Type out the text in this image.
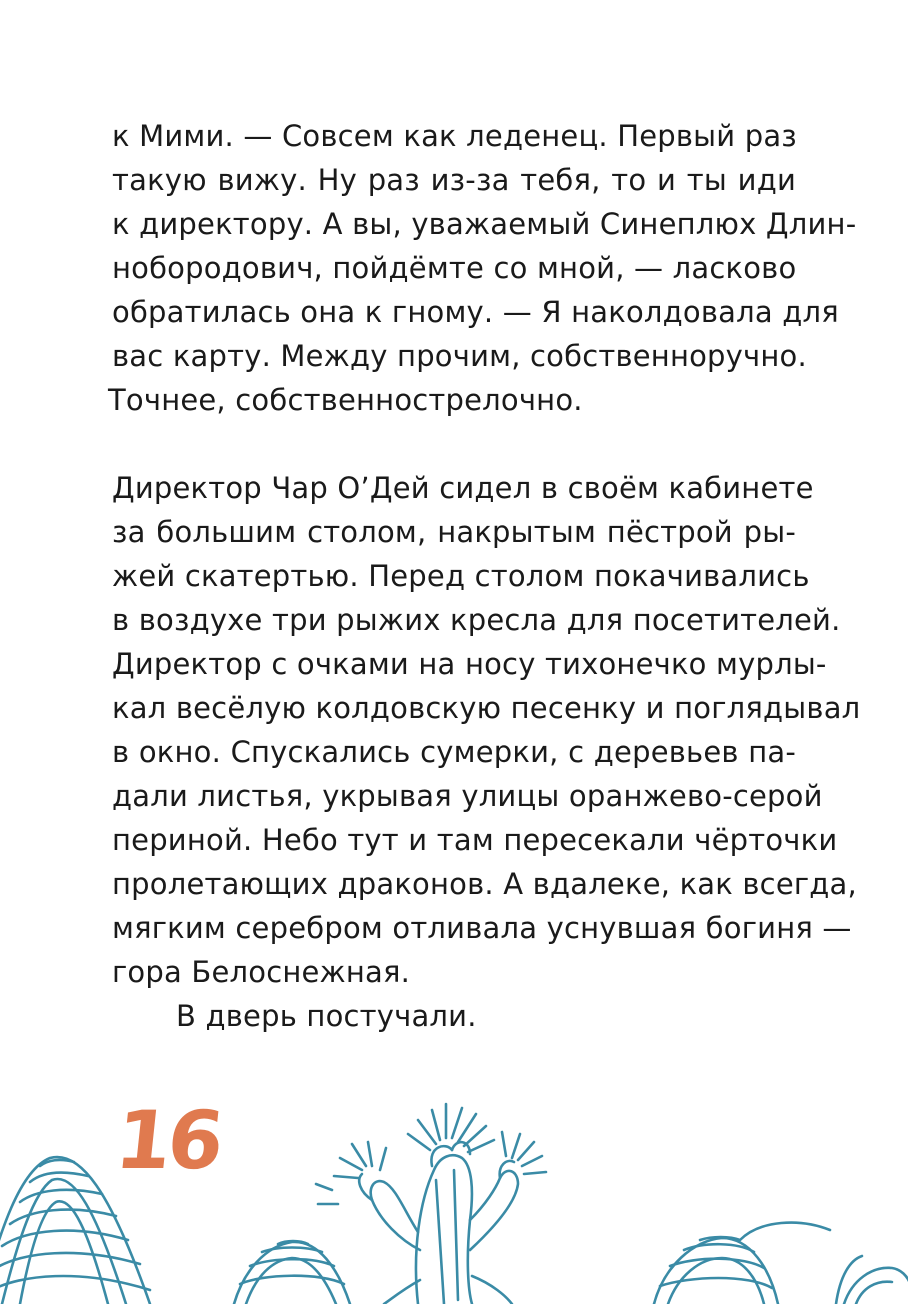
к Мими. — Совсем как леденец. Первый раз
такую вижу. Ну раз из-за тебя, то и ты иди
к директору. А вы, уважаемый Синеплюх Длин-
нобородович, пойдёмте со мной, — ласково
обратилась она к гному. — Я наколдовала для
вас карту. Между прочим, собственноручно.
Точнее, собственнострелочно.
Директор Чар О’Дей сидел в своём кабинете
за большим столом, накрытым пёстрой ры-
жей скатертью. Перед столом покачивались
в воздухе три рыжих кресла для посетителей.
Директор с очками на носу тихонечко мурлы-
кал весёлую колдовскую песенку и поглядывал
в окно. Спускались сумерки, с деревьев па-
дали листья, укрывая улицы оранжево-серой
периной. Небо тут и там пересекали чёрточки
пролетающих драконов. А вдалеке, как всегда,
мягким серебром отливала уснувшая богиня —
гора Белоснежная.
В дверь постучали.
16
